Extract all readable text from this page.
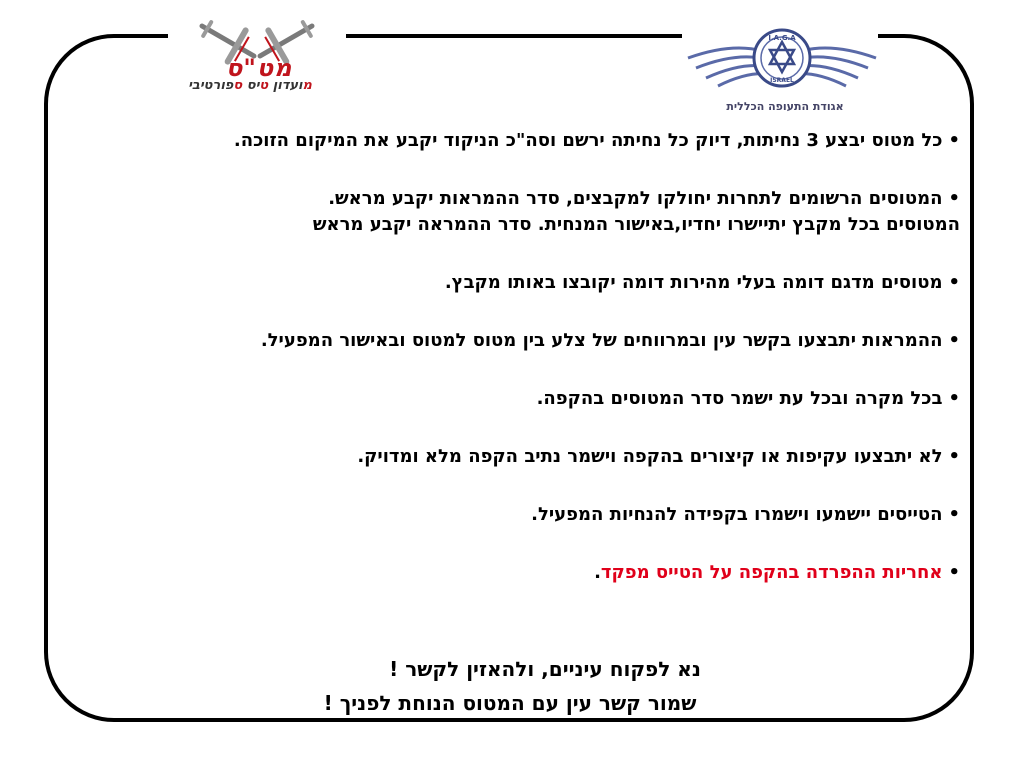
מט"ס
מועדון טיס ספורטיבי
I.A.G.A
ISRAEL
אגודת התעופה הכללית
•כל מטוס יבצע 3 נחיתות, דיוק כל נחיתה ירשם וסה"כ הניקוד יקבע את המיקום הזוכה.
•המטוסים הרשומים לתחרות יחולקו למקבצים, סדר ההמראות יקבע מראש.
המטוסים בכל מקבץ יתיישרו יחדיו,באישור המנחית. סדר ההמראה יקבע מראש
•מטוסים מדגם דומה בעלי מהירות דומה יקובצו באותו מקבץ.
•ההמראות יתבצעו בקשר עין ובמרווחים של צלע בין מטוס למטוס ובאישור המפעיל.
•בכל מקרה ובכל עת ישמר סדר המטוסים בהקפה.
•לא יתבצעו עקיפות או קיצורים בהקפה וישמר נתיב הקפה מלא ומדויק.
•הטייסים יישמעו וישמרו בקפידה להנחיות המפעיל.
•אחריות ההפרדה בהקפה על הטייס מפקד.
נא לפקוח עיניים, ולהאזין לקשר !
שמור קשר עין עם המטוס הנוחת לפניך !
